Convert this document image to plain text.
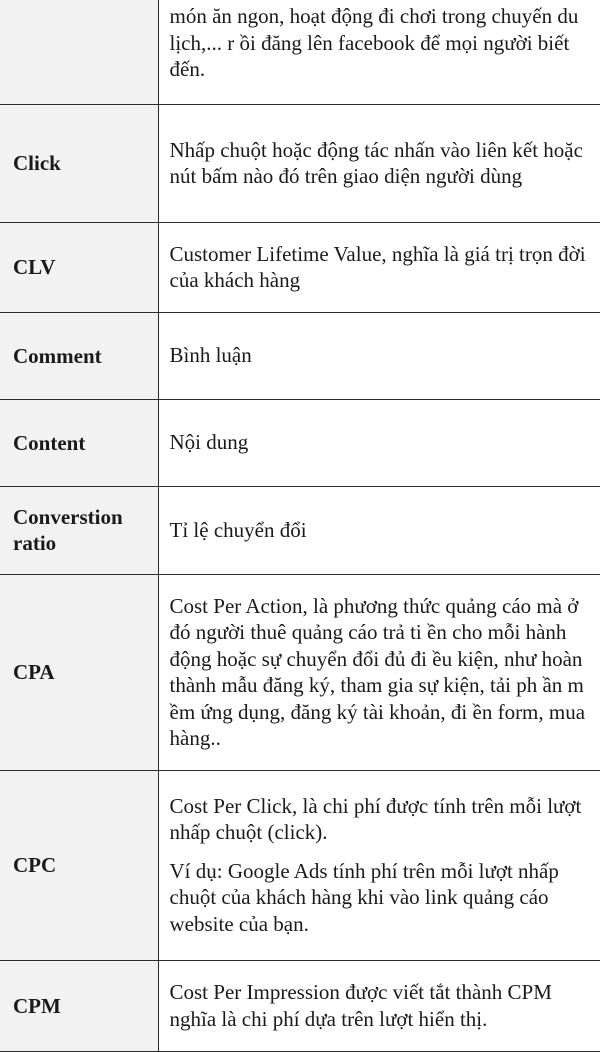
	món ăn ngon, hoạt động đi chơi trong chuyến du lịch,... r ồi đăng lên facebook để mọi người biết đến.

Click	Nhấp chuột hoặc động tác nhấn vào liên kết hoặc nút bấm nào đó trên giao diện người dùng

CLV	Customer Lifetime Value, nghĩa là giá trị trọn đời của khách hàng

Comment	Bình luận

Content	Nội dung

Converstion ratio	Tỉ lệ chuyển đổi

CPA	Cost Per Action, là phương thức quảng cáo mà ở đó người thuê quảng cáo trả ti ền cho mỗi hành động hoặc sự chuyển đổi đủ đi ều kiện, như hoàn thành mẫu đăng ký, tham gia sự kiện, tải ph ần m ềm ứng dụng, đăng ký tài khoản, đi ền form, mua hàng..

CPC	Cost Per Click, là chi phí được tính trên mỗi lượt nhấp chuột (click).

Ví dụ: Google Ads tính phí trên mỗi lượt nhấp chuột của khách hàng khi vào link quảng cáo website của bạn.

CPM	Cost Per Impression được viết tắt thành CPM nghĩa là chi phí dựa trên lượt hiển thị.
